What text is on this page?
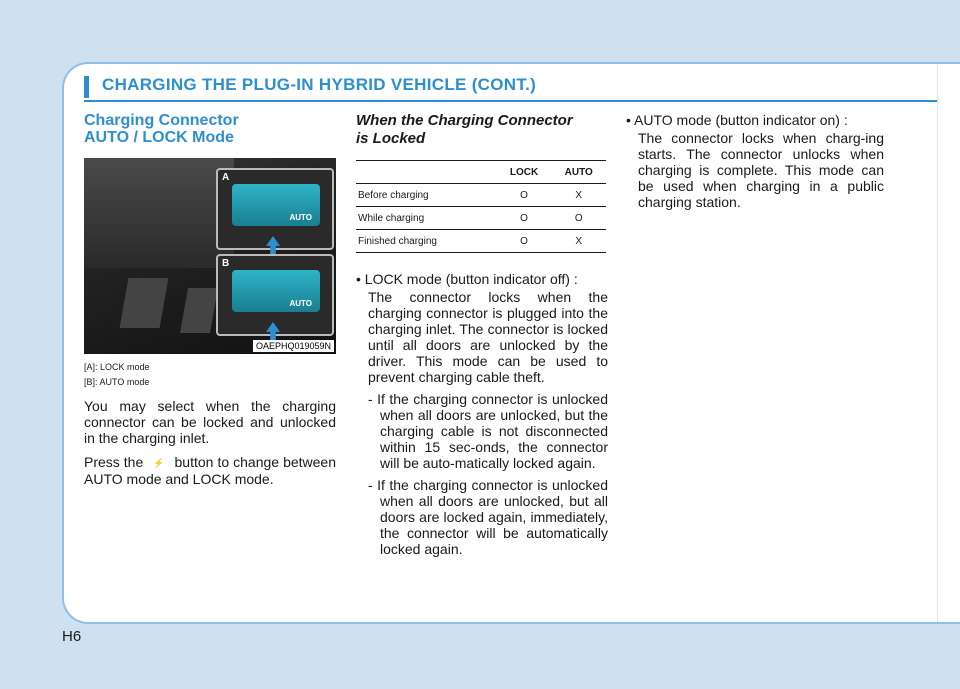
CHARGING THE PLUG-IN HYBRID VEHICLE (CONT.)
Charging Connector
AUTO / LOCK Mode
A
AUTO
B
AUTO
OAEPHQ019059N

[A]: LOCK mode
[B]: AUTO mode

You may select when the charging connector can be locked and unlocked in the charging inlet.

Press the ⚡ button to change between AUTO mode and LOCK mode.

When the Charging Connector
is Locked
	LOCK	AUTO
Before charging	O	X
While charging	O	O
Finished charging	O	X

• LOCK mode (button indicator off) :

The connector locks when the charging connector is plugged into the charging inlet. The connector is locked until all doors are unlocked by the driver. This mode can be used to prevent charging cable theft.

- If the charging connector is unlocked when all doors are unlocked, but the charging cable is not disconnected within 15 sec-onds, the connector will be auto-matically locked again.

- If the charging connector is unlocked when all doors are unlocked, but all doors are locked again, immediately, the connector will be automatically locked again.

• AUTO mode (button indicator on) :

The connector locks when charg-ing starts. The connector unlocks when charging is complete. This mode can be used when charging in a public charging station.

H6
